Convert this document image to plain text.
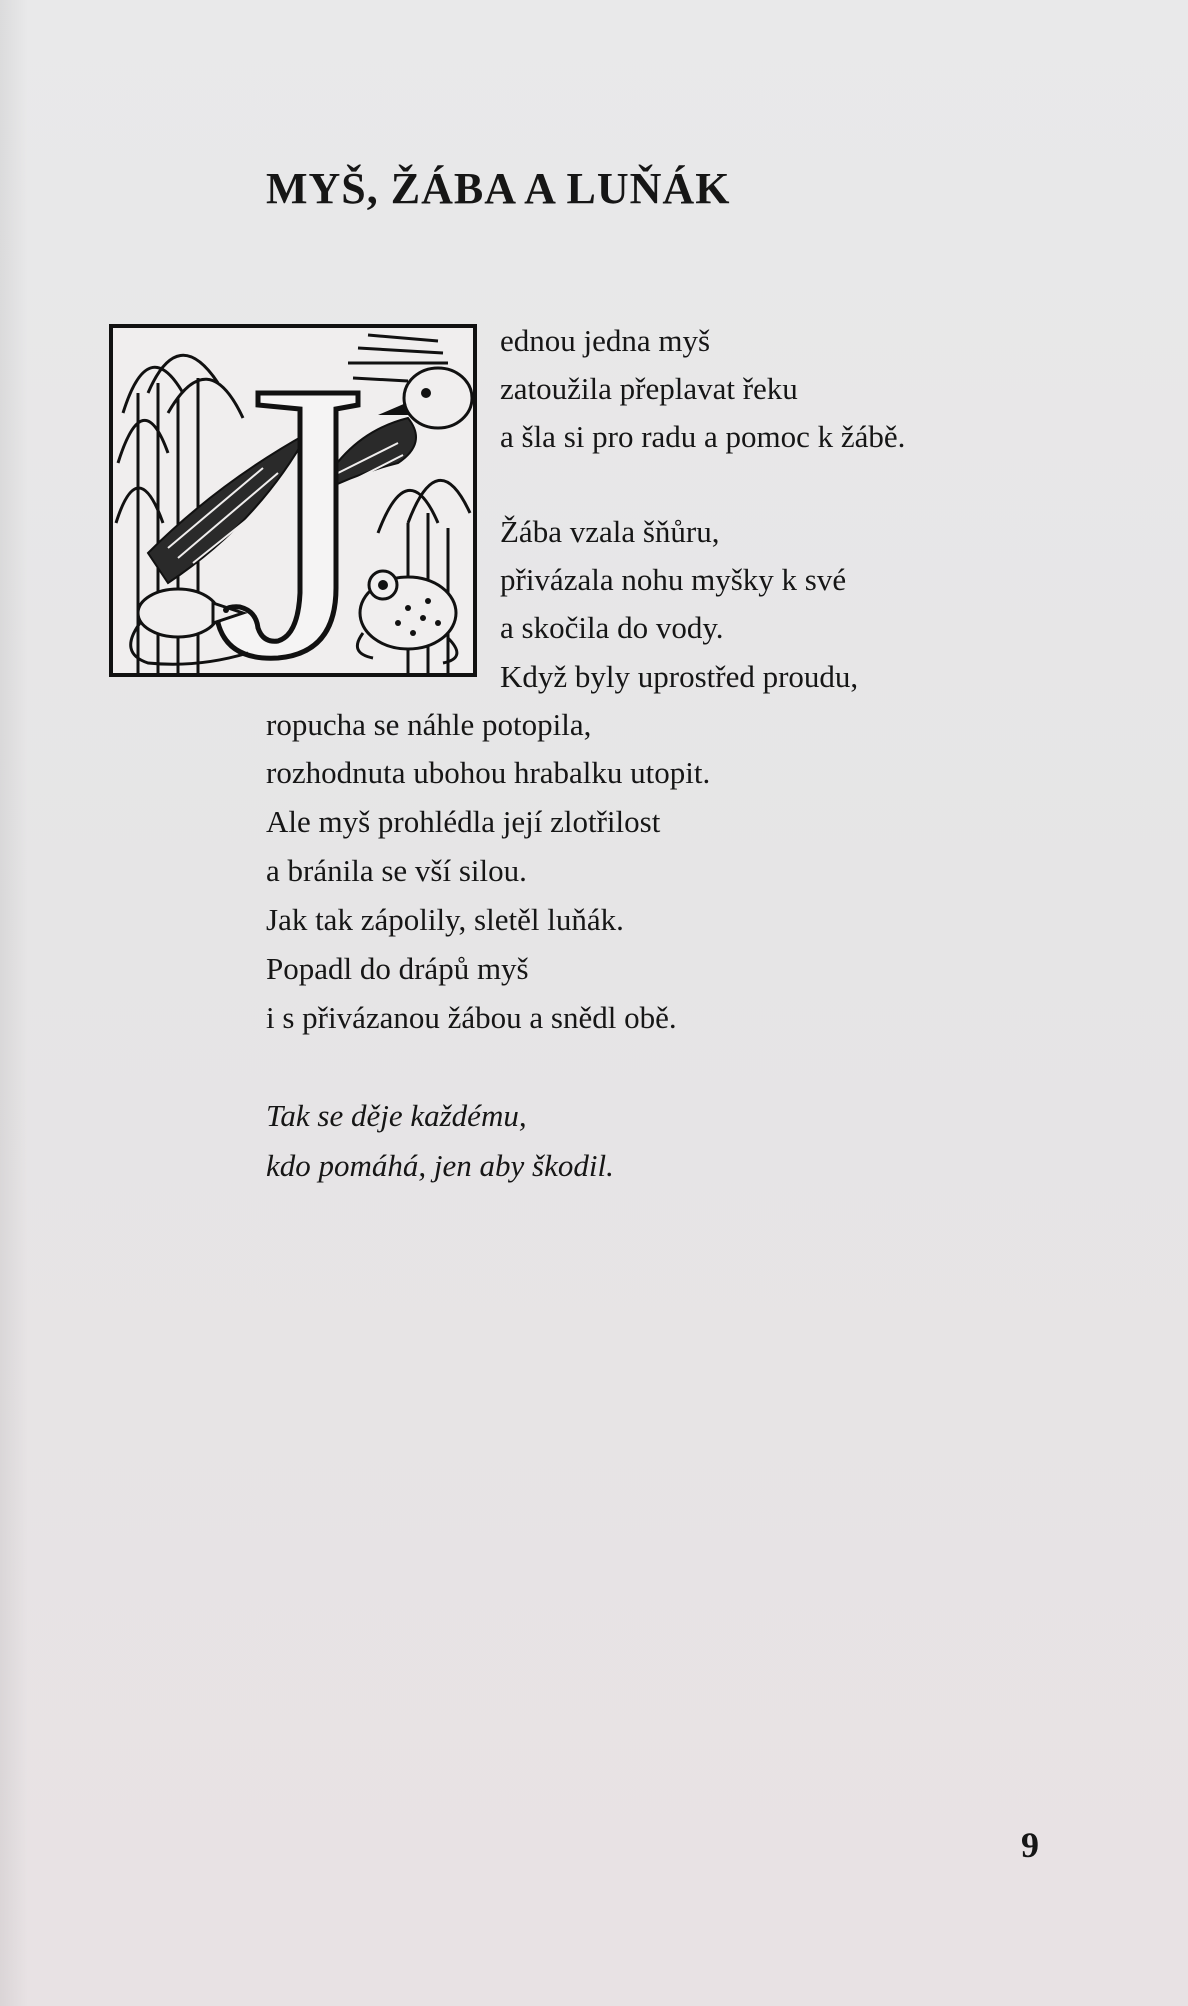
MYŠ, ŽÁBA A LUŇÁK

ednou jedna myš

zatoužila přeplavat řeku

a šla si pro radu a pomoc k žábě.

Žába vzala šňůru,

přivázala nohu myšky k své

a skočila do vody.

Když byly uprostřed proudu,

ropucha se náhle potopila,

rozhodnuta ubohou hrabalku utopit.

Ale myš prohlédla její zlotřilost

a bránila se vší silou.

Jak tak zápolily, sletěl luňák.

Popadl do drápů myš

i s přivázanou žábou a snědl obě.

Tak se děje každému,

kdo pomáhá, jen aby škodil.

9
